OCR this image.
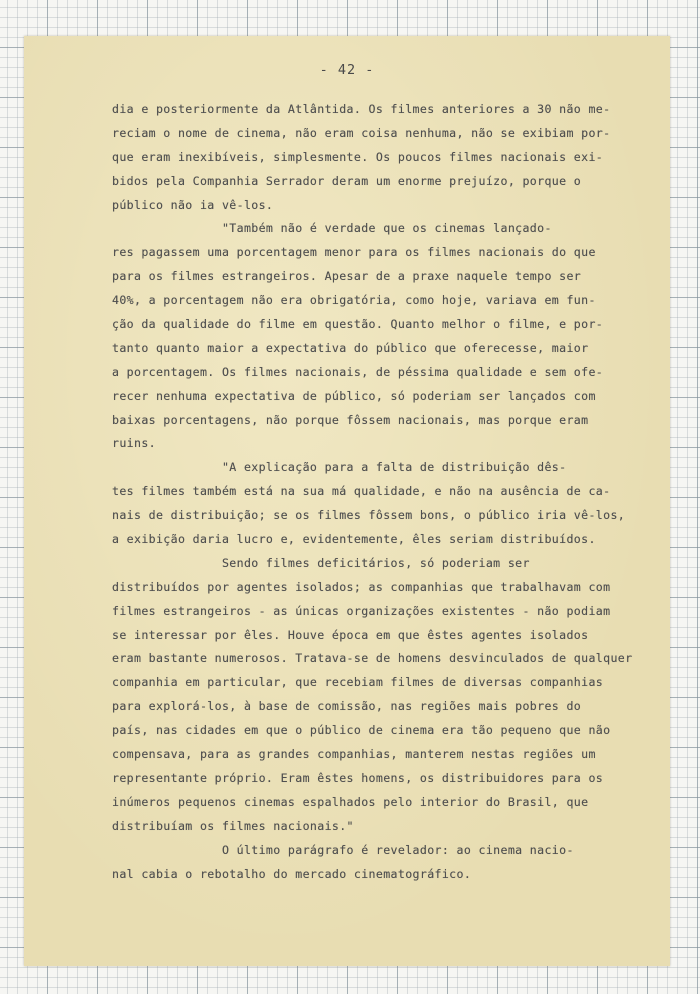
- 42 -
dia e posteriormente da Atlântida. Os filmes anteriores a 30 não me-
reciam o nome de cinema, não eram coisa nenhuma, não se exibiam por-
que eram inexibíveis, simplesmente. Os poucos filmes nacionais exi-
bidos pela Companhia Serrador deram um enorme prejuízo, porque o
público não ia vê-los.
"Também não é verdade que os cinemas lançado-
res pagassem uma porcentagem menor para os filmes nacionais do que
para os filmes estrangeiros. Apesar de a praxe naquele tempo ser
40%, a porcentagem não era obrigatória, como hoje, variava em fun-
ção da qualidade do filme em questão. Quanto melhor o filme, e por-
tanto quanto maior a expectativa do público que oferecesse, maior
a porcentagem. Os filmes nacionais, de péssima qualidade e sem ofe-
recer nenhuma expectativa de público, só poderiam ser lançados com
baixas porcentagens, não porque fôssem nacionais, mas porque eram
ruins.
"A explicação para a falta de distribuição dês-
tes filmes também está na sua má qualidade, e não na ausência de ca-
nais de distribuição; se os filmes fôssem bons, o público iria vê-los,
a exibição daria lucro e, evidentemente, êles seriam distribuídos.
Sendo filmes deficitários, só poderiam ser
distribuídos por agentes isolados; as companhias que trabalhavam com
filmes estrangeiros - as únicas organizações existentes - não podiam
se interessar por êles. Houve época em que êstes agentes isolados
eram bastante numerosos. Tratava-se de homens desvinculados de qualquer
companhia em particular, que recebiam filmes de diversas companhias
para explorá-los, à base de comissão, nas regiões mais pobres do
país, nas cidades em que o público de cinema era tão pequeno que não
compensava, para as grandes companhias, manterem nestas regiões um
representante próprio. Eram êstes homens, os distribuidores para os
inúmeros pequenos cinemas espalhados pelo interior do Brasil, que
distribuíam os filmes nacionais."
O último parágrafo é revelador: ao cinema nacio-
nal cabia o rebotalho do mercado cinematográfico.
